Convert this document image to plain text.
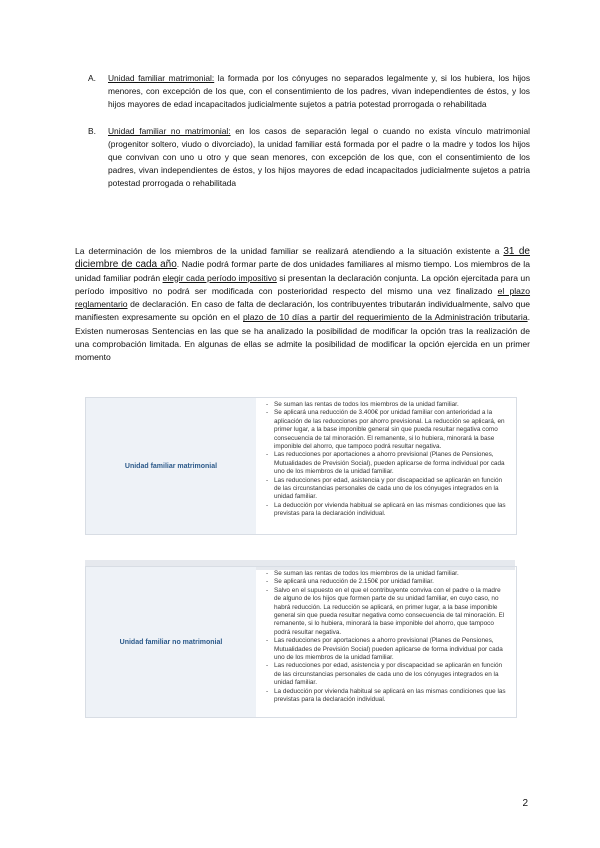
A. Unidad familiar matrimonial: la formada por los cónyuges no separados legalmente y, si los hubiera, los hijos menores, con excepción de los que, con el consentimiento de los padres, vivan independientes de éstos, y los hijos mayores de edad incapacitados judicialmente sujetos a patria potestad prorrogada o rehabilitada
B. Unidad familiar no matrimonial: en los casos de separación legal o cuando no exista vínculo matrimonial (progenitor soltero, viudo o divorciado), la unidad familiar está formada por el padre o la madre y todos los hijos que convivan con uno u otro y que sean menores, con excepción de los que, con el consentimiento de los padres, vivan independientes de éstos, y los hijos mayores de edad incapacitados judicialmente sujetos a patria potestad prorrogada o rehabilitada
La determinación de los miembros de la unidad familiar se realizará atendiendo a la situación existente a 31 de diciembre de cada año. Nadie podrá formar parte de dos unidades familiares al mismo tiempo. Los miembros de la unidad familiar podrán elegir cada período impositivo si presentan la declaración conjunta. La opción ejercitada para un período impositivo no podrá ser modificada con posterioridad respecto del mismo una vez finalizado el plazo reglamentario de declaración. En caso de falta de declaración, los contribuyentes tributarán individualmente, salvo que manifiesten expresamente su opción en el plazo de 10 días a partir del requerimiento de la Administración tributaria. Existen numerosas Sentencias en las que se ha analizado la posibilidad de modificar la opción tras la realización de una comprobación limitada. En algunas de ellas se admite la posibilidad de modificar la opción ejercida en un primer momento
Unidad familiar matrimonial
- Se suman las rentas de todos los miembros de la unidad familiar.
- Se aplicará una reducción de 3.400€ por unidad familiar con anterioridad a la aplicación de las reducciones por ahorro previsional. La reducción se aplicará, en primer lugar, a la base imponible general sin que pueda resultar negativa como consecuencia de tal minoración. El remanente, si lo hubiera, minorará la base imponible del ahorro, que tampoco podrá resultar negativa.
- Las reducciones por aportaciones a ahorro previsional (Planes de Pensiones, Mutualidades de Previsión Social), pueden aplicarse de forma individual por cada uno de los miembros de la unidad familiar.
- Las reducciones por edad, asistencia y por discapacidad se aplicarán en función de las circunstancias personales de cada uno de los cónyuges integrados en la unidad familiar.
- La deducción por vivienda habitual se aplicará en las mismas condiciones que las previstas para la declaración individual.
Unidad familiar no matrimonial
- Se suman las rentas de todos los miembros de la unidad familiar.
- Se aplicará una reducción de 2.150€ por unidad familiar.
- Salvo en el supuesto en el que el contribuyente conviva con el padre o la madre de alguno de los hijos que formen parte de su unidad familiar, en cuyo caso, no habrá reducción. La reducción se aplicará, en primer lugar, a la base imponible general sin que pueda resultar negativa como consecuencia de tal minoración. El remanente, si lo hubiera, minorará la base imponible del ahorro, que tampoco podrá resultar negativa.
- Las reducciones por aportaciones a ahorro previsional (Planes de Pensiones, Mutualidades de Previsión Social) pueden aplicarse de forma individual por cada uno de los miembros de la unidad familiar.
- Las reducciones por edad, asistencia y por discapacidad se aplicarán en función de las circunstancias personales de cada uno de los cónyuges integrados en la unidad familiar.
- La deducción por vivienda habitual se aplicará en las mismas condiciones que las previstas para la declaración individual.
2
